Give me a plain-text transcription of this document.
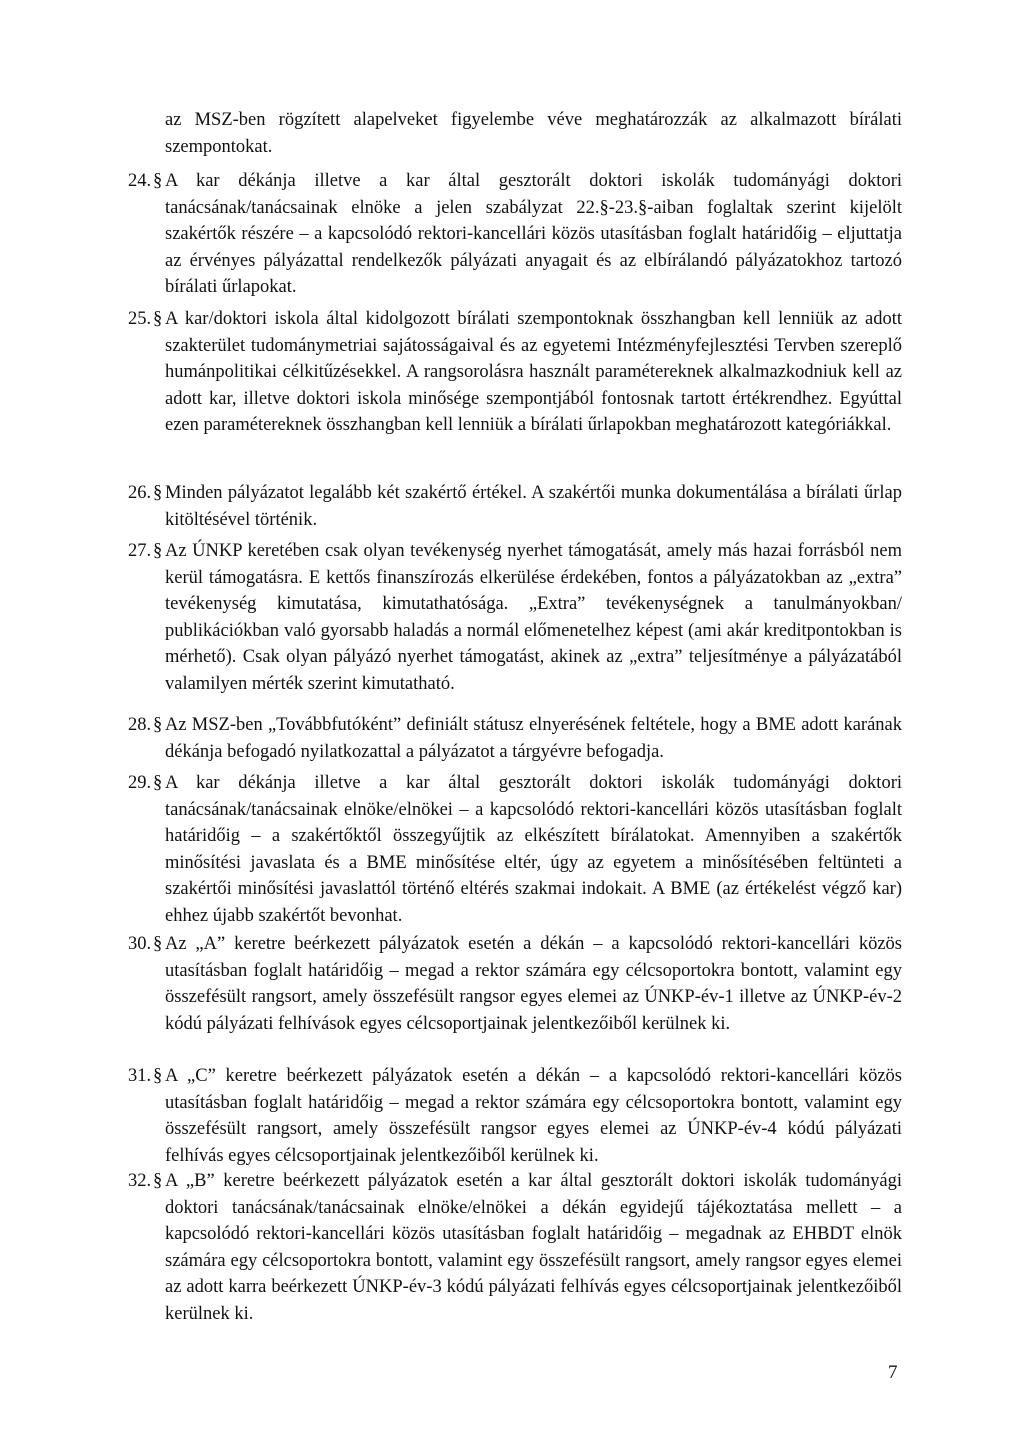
az MSZ-ben rögzített alapelveket figyelembe véve meghatározzák az alkalmazott bírálati szempontokat.

24. § A kar dékánja illetve a kar által gesztorált doktori iskolák tudományági doktori tanácsának/tanácsainak elnöke a jelen szabályzat 22.§-23.§-aiban foglaltak szerint kijelölt szakértők részére – a kapcsolódó rektori-kancellári közös utasításban foglalt határidőig – eljuttatja az érvényes pályázattal rendelkezők pályázati anyagait és az elbírálandó pályázatokhoz tartozó bírálati űrlapokat.
25. § A kar/doktori iskola által kidolgozott bírálati szempontoknak összhangban kell lenniük az adott szakterület tudománymetriai sajátosságaival és az egyetemi Intézményfejlesztési Tervben szereplő humánpolitikai célkitűzésekkel. A rangsorolásra használt paramétereknek alkalmazkodniuk kell az adott kar, illetve doktori iskola minősége szempontjából fontosnak tartott értékrendhez. Egyúttal ezen paramétereknek összhangban kell lenniük a bírálati űrlapokban meghatározott kategóriákkal.
26. § Minden pályázatot legalább két szakértő értékel. A szakértői munka dokumentálása a bírálati űrlap kitöltésével történik.
27. § Az ÚNKP keretében csak olyan tevékenység nyerhet támogatását, amely más hazai forrásból nem kerül támogatásra. E kettős finanszírozás elkerülése érdekében, fontos a pályázatokban az „extra” tevékenység kimutatása, kimutathatósága. „Extra” tevékenységnek a tanulmányokban/ publikációkban való gyorsabb haladás a normál előmenetelhez képest (ami akár kreditpontokban is mérhető). Csak olyan pályázó nyerhet támogatást, akinek az „extra” teljesítménye a pályázatából valamilyen mérték szerint kimutatható.
28. § Az MSZ-ben „Továbbfutóként” definiált státusz elnyerésének feltétele, hogy a BME adott karának dékánja befogadó nyilatkozattal a pályázatot a tárgyévre befogadja.
29. § A kar dékánja illetve a kar által gesztorált doktori iskolák tudományági doktori tanácsának/tanácsainak elnöke/elnökei – a kapcsolódó rektori-kancellári közös utasításban foglalt határidőig – a szakértőktől összegyűjtik az elkészített bírálatokat. Amennyiben a szakértők minősítési javaslata és a BME minősítése eltér, úgy az egyetem a minősítésében feltünteti a szakértői minősítési javaslattól történő eltérés szakmai indokait. A BME (az értékelést végző kar) ehhez újabb szakértőt bevonhat.
30. § Az „A” keretre beérkezett pályázatok esetén a dékán – a kapcsolódó rektori-kancellári közös utasításban foglalt határidőig – megad a rektor számára egy célcsoportokra bontott, valamint egy összefésült rangsort, amely összefésült rangsor egyes elemei az ÚNKP-év-1 illetve az ÚNKP-év-2 kódú pályázati felhívások egyes célcsoportjainak jelentkezőiből kerülnek ki.
31. § A „C” keretre beérkezett pályázatok esetén a dékán – a kapcsolódó rektori-kancellári közös utasításban foglalt határidőig – megad a rektor számára egy célcsoportokra bontott, valamint egy összefésült rangsort, amely összefésült rangsor egyes elemei az ÚNKP-év-4 kódú pályázati felhívás egyes célcsoportjainak jelentkezőiből kerülnek ki.
32. § A „B” keretre beérkezett pályázatok esetén a kar által gesztorált doktori iskolák tudományági doktori tanácsának/tanácsainak elnöke/elnökei a dékán egyidejű tájékoztatása mellett – a kapcsolódó rektori-kancellári közös utasításban foglalt határidőig – megadnak az EHBDT elnök számára egy célcsoportokra bontott, valamint egy összefésült rangsort, amely rangsor egyes elemei az adott karra beérkezett ÚNKP-év-3 kódú pályázati felhívás egyes célcsoportjainak jelentkezőiből kerülnek ki.
7
